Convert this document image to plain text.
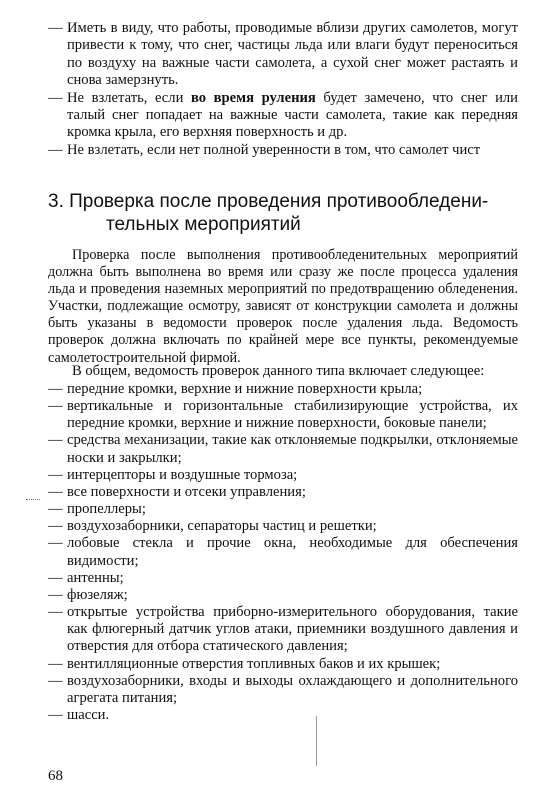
— Иметь в виду, что работы, проводимые вблизи других самолетов, могут привести к тому, что снег, частицы льда или влаги будут переноситься по воздуху на важные части самолета, а сухой снег может растаять и снова замерзнуть.

— Не взлетать, если во время руления будет замечено, что снег или талый снег попадает на важные части самолета, такие как передняя кромка крыла, его верхняя поверхность и др.

— Не взлетать, если нет полной уверенности в том, что самолет чист

3. Проверка после проведения противообледени-
тельных мероприятий

Проверка после выполнения противообледенительных мероприятий должна быть выполнена во время или сразу же после процесса удаления льда и проведения наземных мероприятий по предотвращению обледенения. Участки, подлежащие осмотру, зависят от конструкции самолета и должны быть указаны в ведомости проверок после удаления льда. Ведомость проверок должна включать по крайней мере все пункты, рекомендуемые самолетостроительной фирмой.

В общем, ведомость проверок данного типа включает следующее:

— передние кромки, верхние и нижние поверхности крыла;

— вертикальные и горизонтальные стабилизирующие устройства, их передние кромки, верхние и нижние поверхности, боковые панели;

— средства механизации, такие как отклоняемые подкрылки, отклоняемые носки и закрылки;

— интерцепторы и воздушные тормоза;

— все поверхности и отсеки управления;

— пропеллеры;

— воздухозаборники, сепараторы частиц и решетки;

— лобовые стекла и прочие окна, необходимые для обеспечения видимости;

— антенны;

— фюзеляж;

— открытые устройства приборно-измерительного оборудования, такие как флюгерный датчик углов атаки, приемники воздушного давления и отверстия для отбора статического давления;

— вентилляционные отверстия топливных баков и их крышек;

— воздухозаборники, входы и выходы охлаждающего и дополнительного агрегата питания;

— шасси.

68
